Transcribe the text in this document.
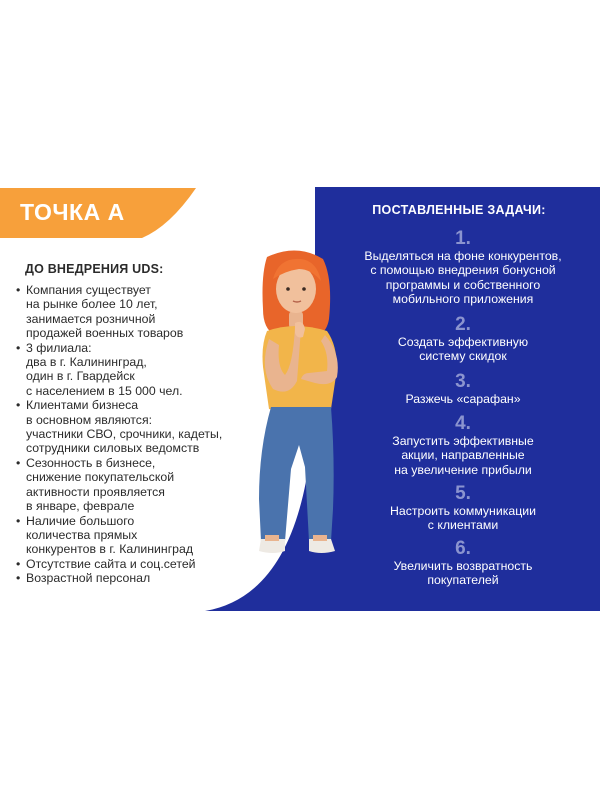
ТОЧКА А
ДО ВНЕДРЕНИЯ UDS:
• Компания существует
на рынке более 10 лет,
занимается розничной
продажей военных товаров
• 3 филиала:
два в г. Калининград,
один в г. Гвардейск
с населением в 15 000 чел.
• Клиентами бизнеса
в основном являются:
участники СВО, срочники, кадеты,
сотрудники силовых ведомств
• Сезонность в бизнесе,
снижение покупательской
активности проявляется
в январе, феврале
• Наличие большого
количества прямых
конкурентов в г. Калининград
• Отсутствие сайта и соц.сетей
• Возрастной персонал
ПОСТАВЛЕННЫЕ ЗАДАЧИ:
1.
Выделяться на фоне конкурентов,
с помощью внедрения бонусной
программы и собственного
мобильного приложения
2.
Создать эффективную
систему скидок
3.
Разжечь «сарафан»
4.
Запустить эффективные
акции, направленные
на увеличение прибыли
5.
Настроить коммуникации
с клиентами
6.
Увеличить возвратность
покупателей
